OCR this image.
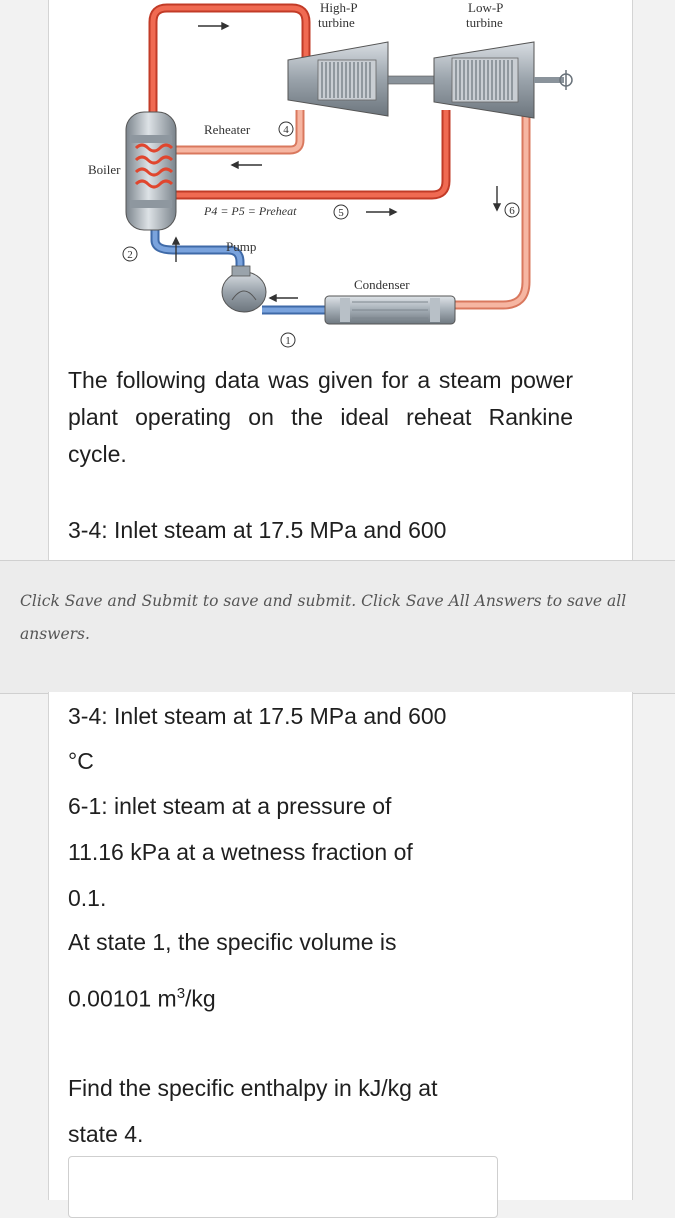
High-P
turbine
Low-P
turbine
Reheater
Boiler
P4 = P5 = Preheat
Pump
Condenser
4
5	6
2
1
The following data was given for a steam power plant operating on the ideal reheat Rankine cycle.
3-4: Inlet steam at 17.5 MPa and 600

Click Save and Submit to save and submit. Click Save All Answers to save all answers.

3-4: Inlet steam at 17.5 MPa and 600
°C
6-1: inlet steam at a pressure of
11.16 kPa at a wetness fraction of
0.1.
At state 1, the specific volume is
0.00101 $m^3/kg$
Find the specific enthalpy in kJ/kg at
state 4.
